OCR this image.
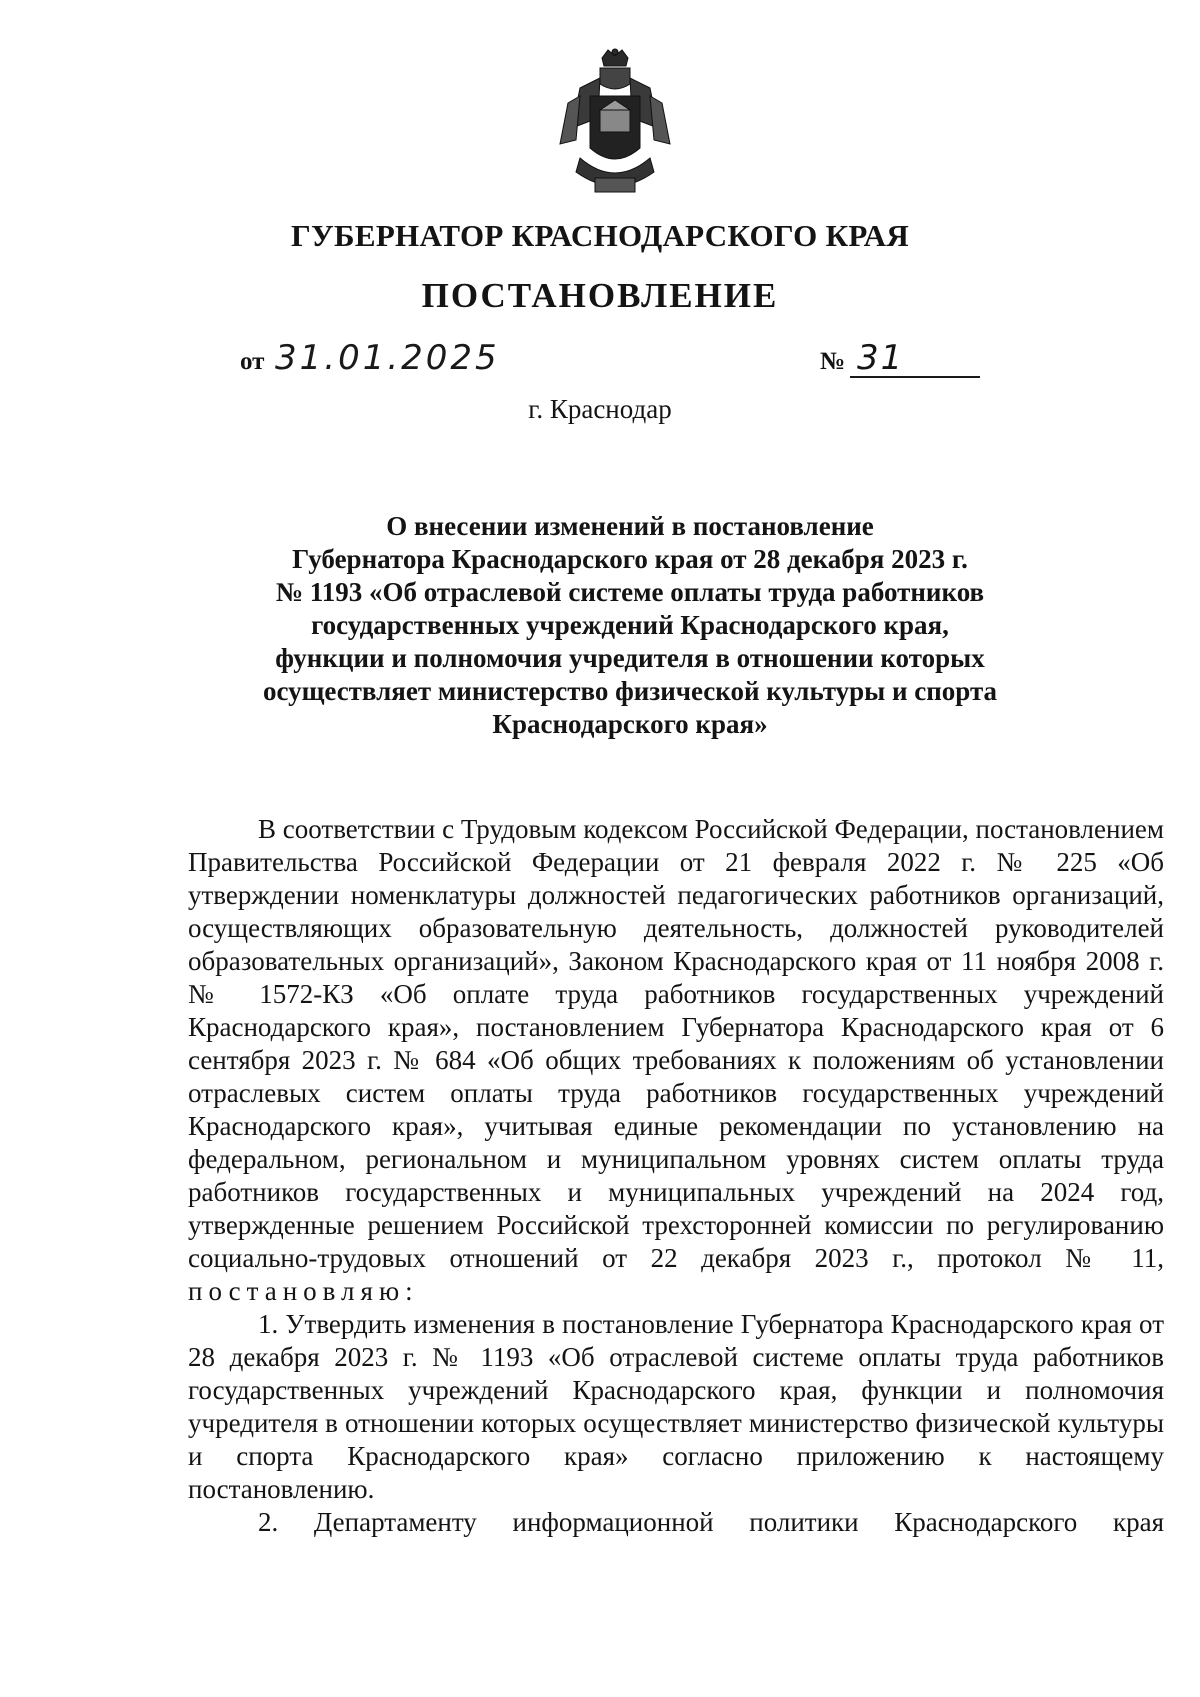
ГУБЕРНАТОР КРАСНОДАРСКОГО КРАЯ
ПОСТАНОВЛЕНИЕ
от 31.01.2025	№ 31
г. Краснодар
О внесении изменений в постановление
Губернатора Краснодарского края от 28 декабря 2023 г.
№ 1193 «Об отраслевой системе оплаты труда работников
государственных учреждений Краснодарского края,
функции и полномочия учредителя в отношении которых
осуществляет министерство физической культуры и спорта
Краснодарского края»

В соответствии с Трудовым кодексом Российской Федерации, постановлением Правительства Российской Федерации от 21 февраля 2022 г. № 225 «Об утверждении номенклатуры должностей педагогических работников организаций, осуществляющих образовательную деятельность, должностей руководителей образовательных организаций», Законом Краснодарского края от 11 ноября 2008 г. № 1572-КЗ «Об оплате труда работников государственных учреждений Краснодарского края», постановлением Губернатора Краснодарского края от 6 сентября 2023 г. № 684 «Об общих требованиях к положениям об установлении отраслевых систем оплаты труда работников государственных учреждений Краснодарского края», учитывая единые рекомендации по установлению на федеральном, региональном и муниципальном уровнях систем оплаты труда работников государственных и муниципальных учреждений на 2024 год, утвержденные решением Российской трехсторонней комиссии по регулированию социально-трудовых отношений от 22 декабря 2023 г., протокол № 11, постановляю:

1. Утвердить изменения в постановление Губернатора Краснодарского края от 28 декабря 2023 г. № 1193 «Об отраслевой системе оплаты труда работников государственных учреждений Краснодарского края, функции и полномочия учредителя в отношении которых осуществляет министерство физической культуры и спорта Краснодарского края» согласно приложению к настоящему постановлению.

2. Департаменту информационной политики Краснодарского края
